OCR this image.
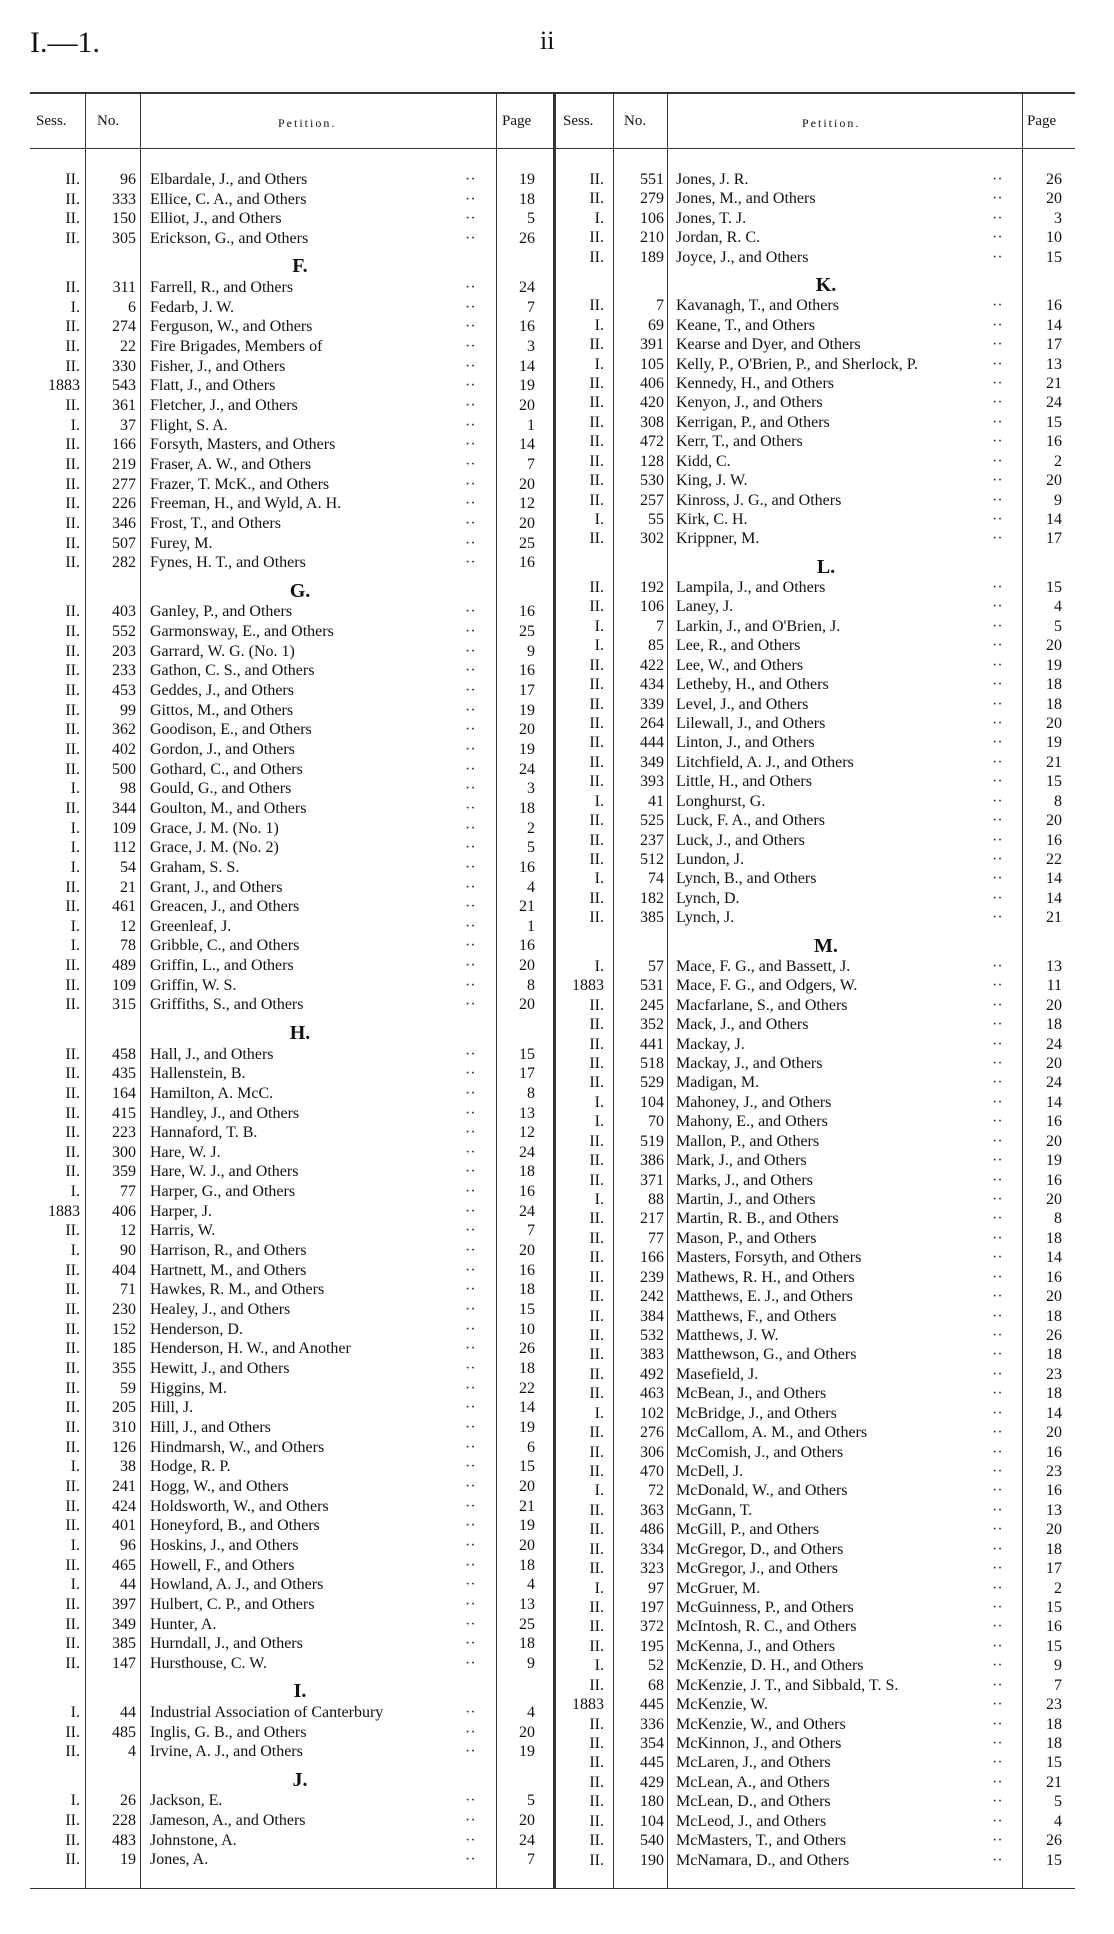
I.—1.	ii
Sess. No.	Petition.	Page Sess. No.	Petition.	Page
II.	96 Elbardale, J., and Others	··	19
II.	333 Ellice, C. A., and Others	··	18
II.	150 Elliot, J., and Others	··	5
II.	305 Erickson, G., and Others	··	26
F.
II.	311 Farrell, R., and Others	··	24
I.	6 Fedarb, J. W.	··	7
II.	274 Ferguson, W., and Others	··	16
II.	22 Fire Brigades, Members of	··	3
II.	330 Fisher, J., and Others	··	14
1883	543 Flatt, J., and Others	··	19
II.	361 Fletcher, J., and Others	··	20
I.	37 Flight, S. A.	··	1
II.	166 Forsyth, Masters, and Others	··	14
II.	219 Fraser, A. W., and Others	··	7
II.	277 Frazer, T. McK., and Others	··	20
II.	226 Freeman, H., and Wyld, A. H.	··	12
II.	346 Frost, T., and Others	··	20
II.	507 Furey, M.	··	25
II.	282 Fynes, H. T., and Others	··	16
G.
II.	403 Ganley, P., and Others	··	16
II.	552 Garmonsway, E., and Others	··	25
II.	203 Garrard, W. G. (No. 1)	··	9
II.	233 Gathon, C. S., and Others	··	16
II.	453 Geddes, J., and Others	··	17
II.	99 Gittos, M., and Others	··	19
II.	362 Goodison, E., and Others	··	20
II.	402 Gordon, J., and Others	··	19
II.	500 Gothard, C., and Others	··	24
I.	98 Gould, G., and Others	··	3
II.	344 Goulton, M., and Others	··	18
I.	109 Grace, J. M. (No. 1)	··	2
I.	112 Grace, J. M. (No. 2)	··	5
I.	54 Graham, S. S.	··	16
II.	21 Grant, J., and Others	··	4
II.	461 Greacen, J., and Others	··	21
I.	12 Greenleaf, J.	··	1
I.	78 Gribble, C., and Others	··	16
II.	489 Griffin, L., and Others	··	20
II.	109 Griffin, W. S.	··	8
II.	315 Griffiths, S., and Others	··	20
H.
II.	458 Hall, J., and Others	··	15
II.	435 Hallenstein, B.	··	17
II.	164 Hamilton, A. McC.	··	8
II.	415 Handley, J., and Others	··	13
II.	223 Hannaford, T. B.	··	12
II.	300 Hare, W. J.	··	24
II.	359 Hare, W. J., and Others	··	18
I.	77 Harper, G., and Others	··	16
1883	406 Harper, J.	··	24
II.	12 Harris, W.	··	7
I.	90 Harrison, R., and Others	··	20
II.	404 Hartnett, M., and Others	··	16
II.	71 Hawkes, R. M., and Others	··	18
II.	230 Healey, J., and Others	··	15
II.	152 Henderson, D.	··	10
II.	185 Henderson, H. W., and Another	··	26
II.	355 Hewitt, J., and Others	··	18
II.	59 Higgins, M.	··	22
II.	205 Hill, J.	··	14
II.	310 Hill, J., and Others	··	19
II.	126 Hindmarsh, W., and Others	··	6
I.	38 Hodge, R. P.	··	15
II.	241 Hogg, W., and Others	··	20
II.	424 Holdsworth, W., and Others	··	21
II.	401 Honeyford, B., and Others	··	19
I.	96 Hoskins, J., and Others	··	20
II.	465 Howell, F., and Others	··	18
I.	44 Howland, A. J., and Others	··	4
II.	397 Hulbert, C. P., and Others	··	13
II.	349 Hunter, A.	··	25
II.	385 Hurndall, J., and Others	··	18
II.	147 Hursthouse, C. W.	··	9
I.
I.	44 Industrial Association of Canterbury	··	4
II.	485 Inglis, G. B., and Others	··	20
II.	4 Irvine, A. J., and Others	··	19
J.
I.	26 Jackson, E.	··	5
II.	228 Jameson, A., and Others	··	20
II.	483 Johnstone, A.	··	24
II.	19 Jones, A.	··	7
II.	551 Jones, J. R.	··	26
II.	279 Jones, M., and Others	··	20
I.	106 Jones, T. J.	··	3
II.	210 Jordan, R. C.	··	10
II.	189 Joyce, J., and Others	··	15
K.
II.	7 Kavanagh, T., and Others	··	16
I.	69 Keane, T., and Others	··	14
II.	391 Kearse and Dyer, and Others	··	17
I.	105 Kelly, P., O'Brien, P., and Sherlock, P.	··	13
II.	406 Kennedy, H., and Others	··	21
II.	420 Kenyon, J., and Others	··	24
II.	308 Kerrigan, P., and Others	··	15
II.	472 Kerr, T., and Others	··	16
II.	128 Kidd, C.	··	2
II.	530 King, J. W.	··	20
II.	257 Kinross, J. G., and Others	··	9
I.	55 Kirk, C. H.	··	14
II.	302 Krippner, M.	··	17
L.
II.	192 Lampila, J., and Others	··	15
II.	106 Laney, J.	··	4
I.	7 Larkin, J., and O'Brien, J.	··	5
I.	85 Lee, R., and Others	··	20
II.	422 Lee, W., and Others	··	19
II.	434 Letheby, H., and Others	··	18
II.	339 Level, J., and Others	··	18
II.	264 Lilewall, J., and Others	··	20
II.	444 Linton, J., and Others	··	19
II.	349 Litchfield, A. J., and Others	··	21
II.	393 Little, H., and Others	··	15
I.	41 Longhurst, G.	··	8
II.	525 Luck, F. A., and Others	··	20
II.	237 Luck, J., and Others	··	16
II.	512 Lundon, J.	··	22
I.	74 Lynch, B., and Others	··	14
II.	182 Lynch, D.	··	14
II.	385 Lynch, J.	··	21
M.
I.	57 Mace, F. G., and Bassett, J.	··	13
1883	531 Mace, F. G., and Odgers, W.	··	11
II.	245 Macfarlane, S., and Others	··	20
II.	352 Mack, J., and Others	··	18
II.	441 Mackay, J.	··	24
II.	518 Mackay, J., and Others	··	20
II.	529 Madigan, M.	··	24
I.	104 Mahoney, J., and Others	··	14
I.	70 Mahony, E., and Others	··	16
II.	519 Mallon, P., and Others	··	20
II.	386 Mark, J., and Others	··	19
II.	371 Marks, J., and Others	··	16
I.	88 Martin, J., and Others	··	20
II.	217 Martin, R. B., and Others	··	8
II.	77 Mason, P., and Others	··	18
II.	166 Masters, Forsyth, and Others	··	14
II.	239 Mathews, R. H., and Others	··	16
II.	242 Matthews, E. J., and Others	··	20
II.	384 Matthews, F., and Others	··	18
II.	532 Matthews, J. W.	··	26
II.	383 Matthewson, G., and Others	··	18
II.	492 Masefield, J.	··	23
II.	463 McBean, J., and Others	··	18
I.	102 McBridge, J., and Others	··	14
II.	276 McCallom, A. M., and Others	··	20
II.	306 McComish, J., and Others	··	16
II.	470 McDell, J.	··	23
I.	72 McDonald, W., and Others	··	16
II.	363 McGann, T.	··	13
II.	486 McGill, P., and Others	··	20
II.	334 McGregor, D., and Others	··	18
II.	323 McGregor, J., and Others	··	17
I.	97 McGruer, M.	··	2
II.	197 McGuinness, P., and Others	··	15
II.	372 McIntosh, R. C., and Others	··	16
II.	195 McKenna, J., and Others	··	15
I.	52 McKenzie, D. H., and Others	··	9
II.	68 McKenzie, J. T., and Sibbald, T. S.	··	7
1883	445 McKenzie, W.	··	23
II.	336 McKenzie, W., and Others	··	18
II.	354 McKinnon, J., and Others	··	18
II.	445 McLaren, J., and Others	··	15
II.	429 McLean, A., and Others	··	21
II.	180 McLean, D., and Others	··	5
II.	104 McLeod, J., and Others	··	4
II.	540 McMasters, T., and Others	··	26
II.	190 McNamara, D., and Others	··	15
